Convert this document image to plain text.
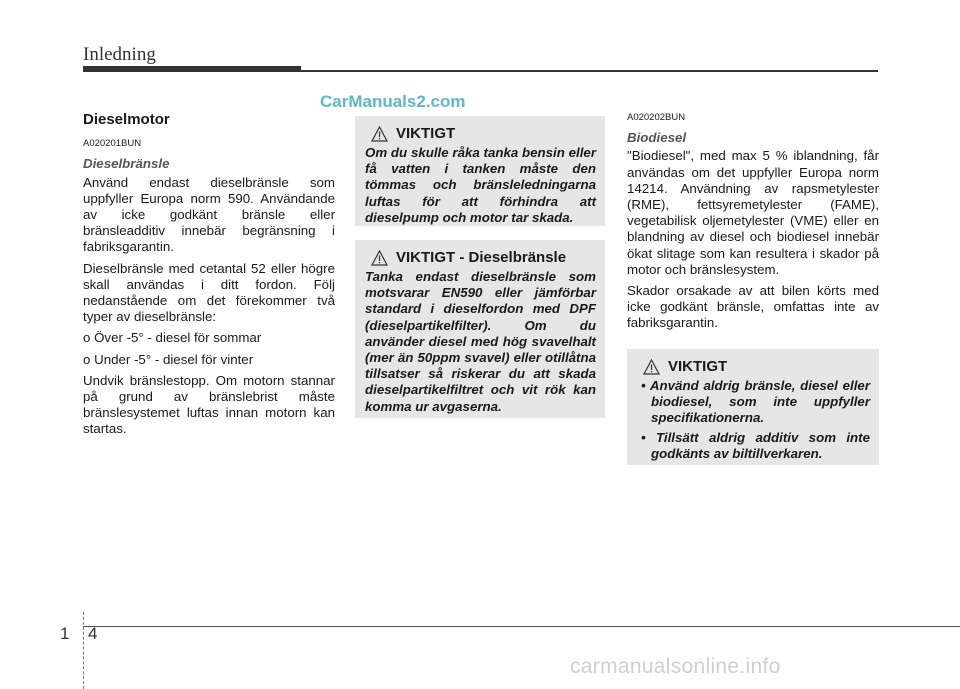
Inledning
CarManuals2.com
Dieselmotor
A020201BUN
Dieselbränsle

Använd endast dieselbränsle som uppfyller Europa norm 590. Användande av icke godkänt bränsle eller bränsleadditiv innebär begränsning i fabriksgarantin.

Dieselbränsle med cetantal 52 eller högre skall användas i ditt fordon. Följ nedanstående om det förekommer två typer av dieselbränsle:

o Över -5° - diesel för sommar

o Under -5° - diesel för vinter

Undvik bränslestopp. Om motorn stannar på grund av bränslebrist måste bränslesystemet luftas innan motorn kan startas.

VIKTIGT
Om du skulle råka tanka bensin eller få vatten i tanken måste den tömmas och bränsleledningarna luftas för att förhindra att dieselpump och motor tar skada.
VIKTIGT - Dieselbränsle
Tanka endast dieselbränsle som motsvarar EN590 eller jämförbar standard i dieselfordon med DPF (dieselpartikelfilter). Om du använder diesel med hög svavelhalt (mer än 50ppm svavel) eller otillåtna tillsatser så riskerar du att skada dieselpartikelfiltret och vit rök kan komma ur avgaserna.
A020202BUN
Biodiesel

"Biodiesel", med max 5 % iblandning, får användas om det uppfyller Europa norm 14214. Användning av rapsmetylester (RME), fettsyremetylester (FAME), vegetabilisk oljemetylester (VME) eller en blandning av diesel och biodiesel innebär ökat slitage som kan resultera i skador på motor och bränslesystem.

Skador orsakade av att bilen körts med icke godkänt bränsle, omfattas inte av fabriksgarantin.

VIKTIGT
• Använd aldrig bränsle, diesel eller biodiesel, som inte uppfyller specifikationerna.
• Tillsätt aldrig additiv som inte godkänts av biltillverkaren.
1 4
carmanualsonline.info
